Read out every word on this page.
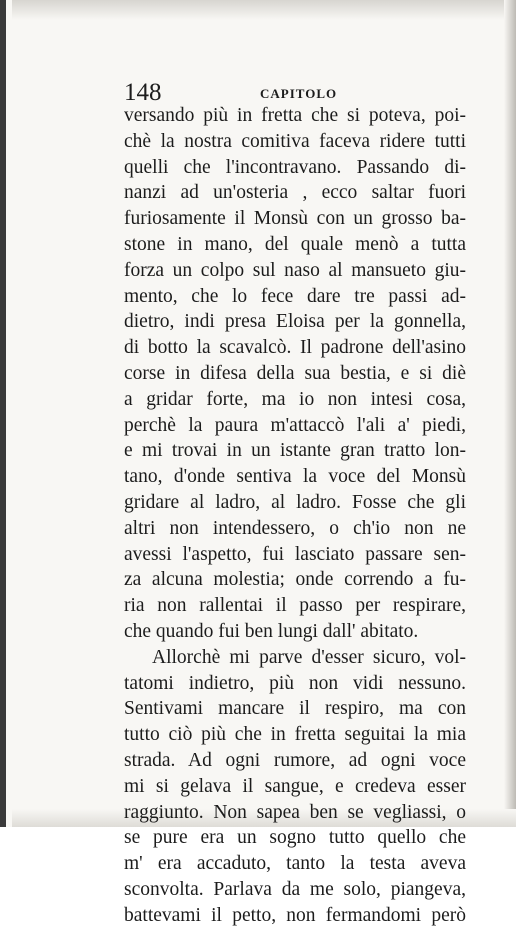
148	CAPITOLO
versando più in fretta che si poteva, poi-
chè la nostra comitiva faceva ridere tutti
quelli che l'incontravano. Passando di-
nanzi ad un'osteria , ecco saltar fuori
furiosamente il Monsù con un grosso ba-
stone in mano, del quale menò a tutta
forza un colpo sul naso al mansueto giu-
mento, che lo fece dare tre passi ad-
dietro, indi presa Eloisa per la gonnella,
di botto la scavalcò. Il padrone dell'asino
corse in difesa della sua bestia, e si diè
a gridar forte, ma io non intesi cosa,
perchè la paura m'attaccò l'ali a' piedi,
e mi trovai in un istante gran tratto lon-
tano, d'onde sentiva la voce del Monsù
gridare al ladro, al ladro. Fosse che gli
altri non intendessero, o ch'io non ne
avessi l'aspetto, fui lasciato passare sen-
za alcuna molestia; onde correndo a fu-
ria non rallentai il passo per respirare,
che quando fui ben lungi dall' abitato.
Allorchè mi parve d'esser sicuro, vol-
tatomi indietro, più non vidi nessuno.
Sentivami mancare il respiro, ma con
tutto ciò più che in fretta seguitai la mia
strada. Ad ogni rumore, ad ogni voce
mi si gelava il sangue, e credeva esser
raggiunto. Non sapea ben se vegliassi, o
se pure era un sogno tutto quello che
m' era accaduto, tanto la testa aveva
sconvolta. Parlava da me solo, piangeva,
battevami il petto, non fermandomi però
